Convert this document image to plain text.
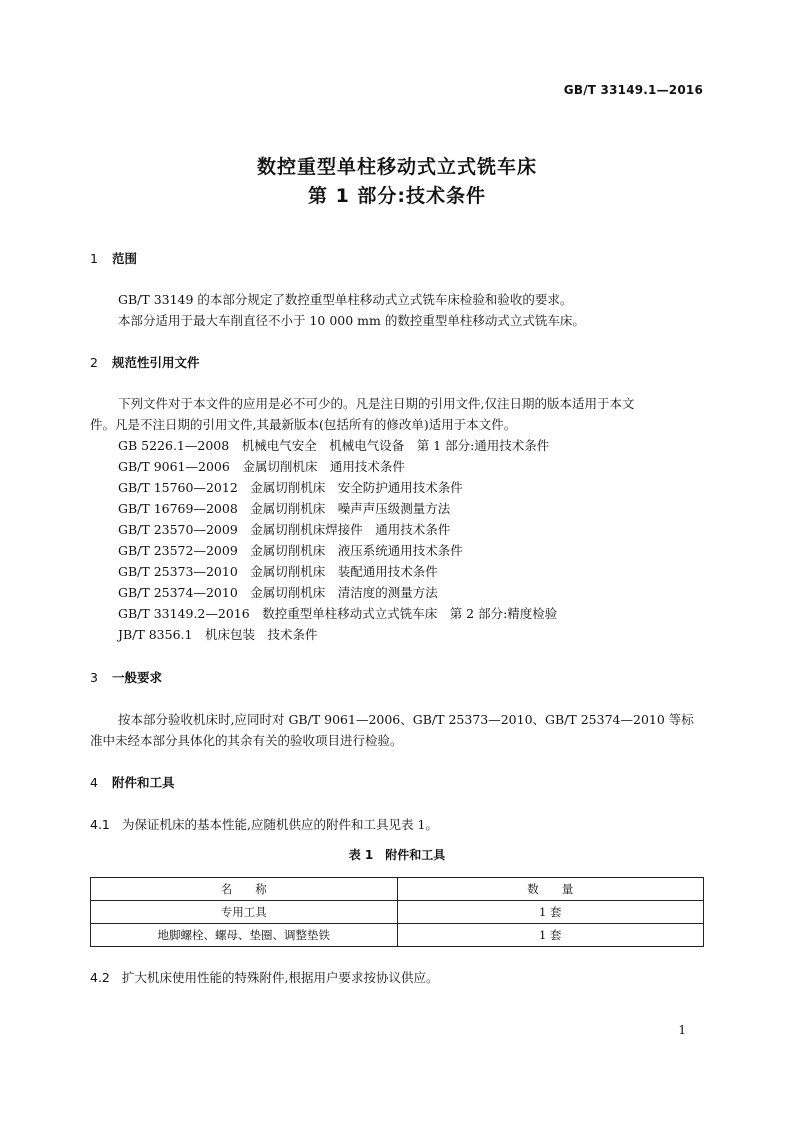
GB/T 33149.1—2016
数控重型单柱移动式立式铣车床
第 1 部分:技术条件
1 范围
GB/T 33149 的本部分规定了数控重型单柱移动式立式铣车床检验和验收的要求。
本部分适用于最大车削直径不小于 10 000 mm 的数控重型单柱移动式立式铣车床。
2 规范性引用文件
下列文件对于本文件的应用是必不可少的。凡是注日期的引用文件,仅注日期的版本适用于本文
件。凡是不注日期的引用文件,其最新版本(包括所有的修改单)适用于本文件。
GB 5226.1—2008　机械电气安全　机械电气设备　第 1 部分:通用技术条件
GB/T 9061—2006　金属切削机床　通用技术条件
GB/T 15760—2012　金属切削机床　安全防护通用技术条件
GB/T 16769—2008　金属切削机床　噪声声压级测量方法
GB/T 23570—2009　金属切削机床焊接件　通用技术条件
GB/T 23572—2009　金属切削机床　液压系统通用技术条件
GB/T 25373—2010　金属切削机床　装配通用技术条件
GB/T 25374—2010　金属切削机床　清洁度的测量方法
GB/T 33149.2—2016　数控重型单柱移动式立式铣车床　第 2 部分:精度检验
JB/T 8356.1　机床包装　技术条件
3 一般要求
按本部分验收机床时,应同时对 GB/T 9061—2006、GB/T 25373—2010、GB/T 25374—2010 等标
准中未经本部分具体化的其余有关的验收项目进行检验。
4 附件和工具
4.1 为保证机床的基本性能,应随机供应的附件和工具见表 1。
表 1　附件和工具
名　　称	数　　量
专用工具	1 套
地脚螺栓、螺母、垫圈、调整垫铁	1 套
4.2 扩大机床使用性能的特殊附件,根据用户要求按协议供应。
1
